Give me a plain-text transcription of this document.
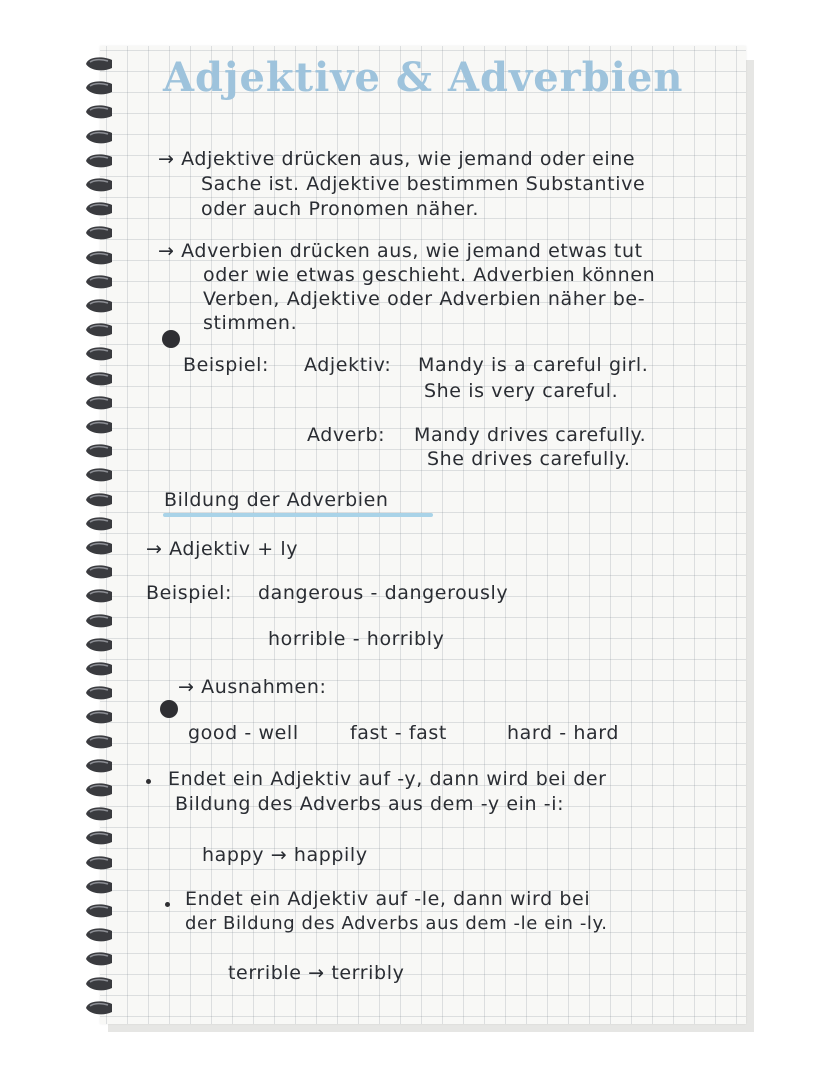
Adjektive & Adverbien
→ Adjektive drücken aus, wie jemand oder eine
Sache ist. Adjektive bestimmen Substantive
oder auch Pronomen näher.
→ Adverbien drücken aus, wie jemand etwas tut
oder wie etwas geschieht. Adverbien können
Verben, Adjektive oder Adverbien näher be-
stimmen.
Beispiel: Adjektiv: Mandy is a careful girl.
She is very careful.
Adverb: Mandy drives carefully.
She drives carefully.
Bildung der Adverbien
→ Adjektiv + ly
Beispiel: dangerous - dangerously
horrible - horribly
→ Ausnahmen:
good - well	fast - fast	hard - hard
Endet ein Adjektiv auf -y, dann wird bei der
Bildung des Adverbs aus dem -y ein -i:
happy → happily
Endet ein Adjektiv auf -le, dann wird bei
der Bildung des Adverbs aus dem -le ein -ly.
terrible → terribly
